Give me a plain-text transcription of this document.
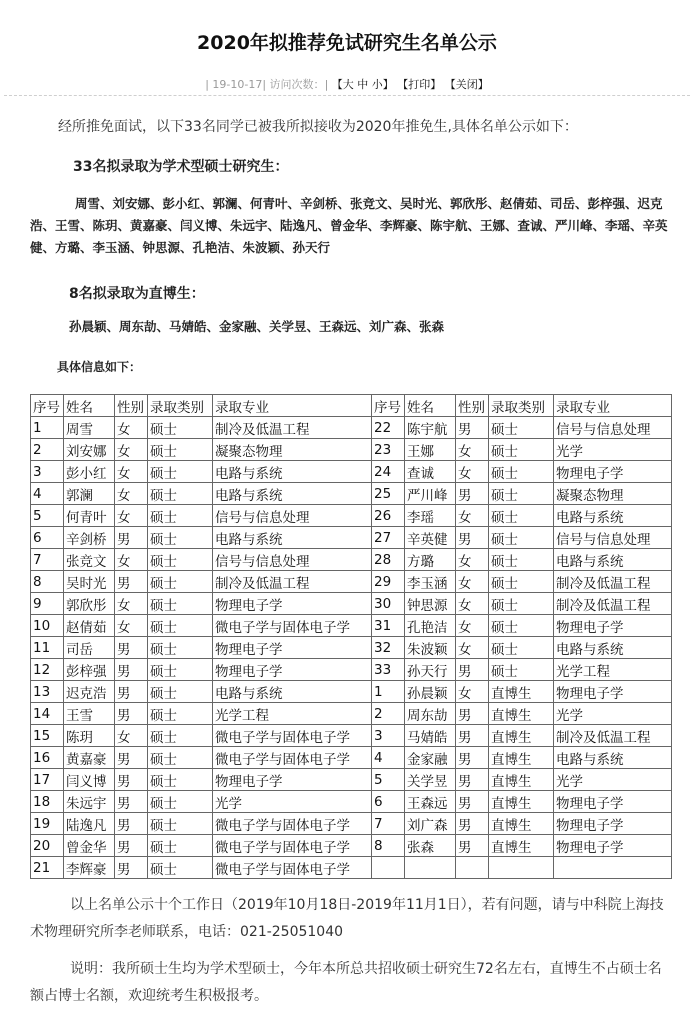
2020年拟推荐免试研究生名单公示
| 19-10-17| 访问次数：| 【大 中 小】 【打印】 【关闭】

经所推免面试，以下33名同学已被我所拟接收为2020年推免生,具体名单公示如下：

33名拟录取为学术型硕士研究生：

周雪、刘安娜、彭小红、郭澜、何青叶、辛剑桥、张竞文、吴时光、郭欣彤、赵倩茹、司岳、彭梓强、迟克浩、王雪、陈玥、黄嘉豪、闫义博、朱远宇、陆逸凡、曾金华、李辉豪、陈宇航、王娜、查诚、严川峰、李瑶、辛英健、方璐、李玉涵、钟思源、孔艳洁、朱波颖、孙天行

8名拟录取为直博生：

孙晨颖、周东劼、马婧皓、金家融、关学昱、王森远、刘广森、张森

具体信息如下：

序号	姓名	性别	录取类别	录取专业	序号	姓名	性别	录取类别	录取专业
1	周雪	女	硕士	制冷及低温工程	22	陈宇航	男	硕士	信号与信息处理
2	刘安娜	女	硕士	凝聚态物理	23	王娜	女	硕士	光学
3	彭小红	女	硕士	电路与系统	24	查诚	女	硕士	物理电子学
4	郭澜	女	硕士	电路与系统	25	严川峰	男	硕士	凝聚态物理
5	何青叶	女	硕士	信号与信息处理	26	李瑶	女	硕士	电路与系统
6	辛剑桥	男	硕士	电路与系统	27	辛英健	男	硕士	信号与信息处理
7	张竞文	女	硕士	信号与信息处理	28	方璐	女	硕士	电路与系统
8	吴时光	男	硕士	制冷及低温工程	29	李玉涵	女	硕士	制冷及低温工程
9	郭欣彤	女	硕士	物理电子学	30	钟思源	女	硕士	制冷及低温工程
10	赵倩茹	女	硕士	微电子学与固体电子学	31	孔艳洁	女	硕士	物理电子学
11	司岳	男	硕士	物理电子学	32	朱波颖	女	硕士	电路与系统
12	彭梓强	男	硕士	物理电子学	33	孙天行	男	硕士	光学工程
13	迟克浩	男	硕士	电路与系统	1	孙晨颖	女	直博生	物理电子学
14	王雪	男	硕士	光学工程	2	周东劼	男	直博生	光学
15	陈玥	女	硕士	微电子学与固体电子学	3	马婧皓	男	直博生	制冷及低温工程
16	黄嘉豪	男	硕士	微电子学与固体电子学	4	金家融	男	直博生	电路与系统
17	闫义博	男	硕士	物理电子学	5	关学昱	男	直博生	光学
18	朱远宇	男	硕士	光学	6	王森远	男	直博生	物理电子学
19	陆逸凡	男	硕士	微电子学与固体电子学	7	刘广森	男	直博生	物理电子学
20	曾金华	男	硕士	微电子学与固体电子学	8	张森	男	直博生	物理电子学
21	李辉豪	男	硕士	微电子学与固体电子学					

以上名单公示十个工作日（2019年10月18日-2019年11月1日），若有问题，请与中科院上海技术物理研究所李老师联系，电话：021-25051040

说明：我所硕士生均为学术型硕士，今年本所总共招收硕士研究生72名左右，直博生不占硕士名额占博士名额，欢迎统考生积极报考。
